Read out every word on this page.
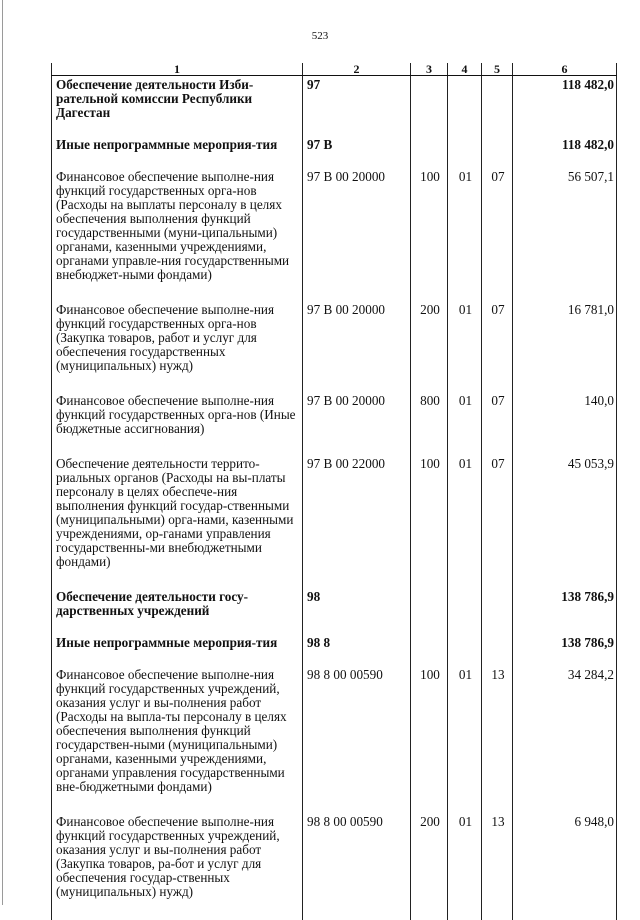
523
1	2	3	4	5	6

Обеспечение деятельности Изби-рательной комиссии Республики Дагестан	97				118 482,0

Иные непрограммные мероприя-тия	97 В				118 482,0

Финансовое обеспечение выполне-ния функций государственных орга-нов (Расходы на выплаты персоналу в целях обеспечения выполнения функций государственными (муни-ципальными) органами, казенными учреждениями, органами управле-ния государственными внебюджет-ными фондами)	97 В 00 20000	100	01	07	56 507,1

Финансовое обеспечение выполне-ния функций государственных орга-нов (Закупка товаров, работ и услуг для обеспечения государственных (муниципальных) нужд)	97 В 00 20000	200	01	07	16 781,0

Финансовое обеспечение выполне-ния функций государственных орга-нов (Иные бюджетные ассигнования)	97 В 00 20000	800	01	07	140,0

Обеспечение деятельности террито-риальных органов (Расходы на вы-платы персоналу в целях обеспече-ния выполнения функций государ-ственными (муниципальными) орга-нами, казенными учреждениями, ор-ганами управления государственны-ми внебюджетными фондами)	97 В 00 22000	100	01	07	45 053,9

Обеспечение деятельности госу-дарственных учреждений	98				138 786,9

Иные непрограммные мероприя-тия	98 8				138 786,9

Финансовое обеспечение выполне-ния функций государственных учреждений, оказания услуг и вы-полнения работ (Расходы на выпла-ты персоналу в целях обеспечения выполнения функций государствен-ными (муниципальными) органами, казенными учреждениями, органами управления государственными вне-бюджетными фондами)	98 8 00 00590	100	01	13	34 284,2

Финансовое обеспечение выполне-ния функций государственных учреждений, оказания услуг и вы-полнения работ (Закупка товаров, ра-бот и услуг для обеспечения государ-ственных (муниципальных) нужд)	98 8 00 00590	200	01	13	6 948,0
